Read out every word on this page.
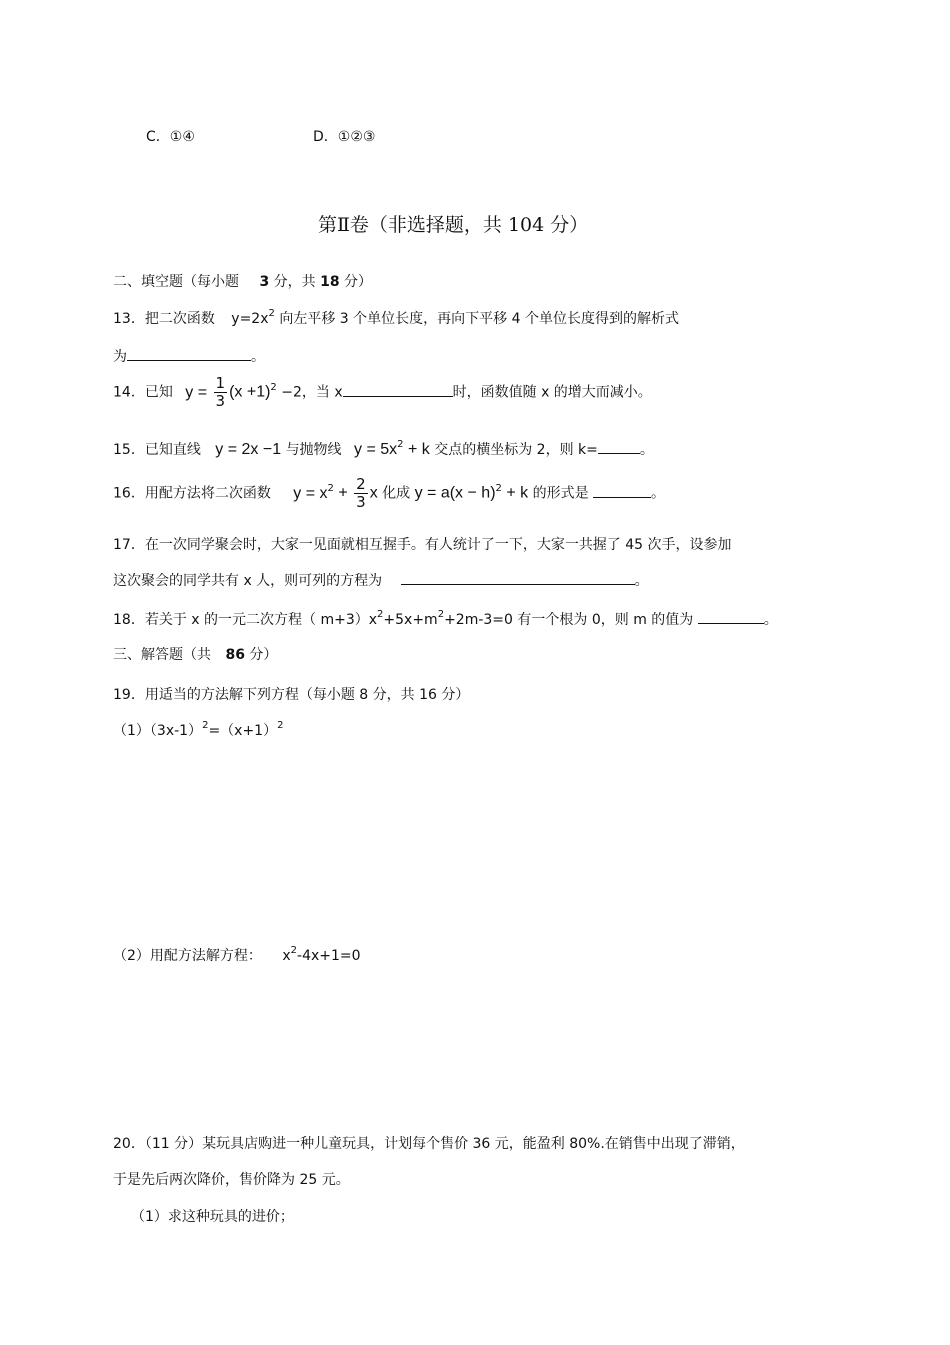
C．①④	D．①②③
第Ⅱ卷（非选择题，共 104 分）
二、填空题（每小题 3 分，共 18 分）
13．把二次函数 $y=2x^2$ 向左平移 3 个单位长度，再向下平移 4 个单位长度得到的解析式
为	。
14．已知 $y = \frac{1}{3} (x +1)^2 -2$，当 x	时，函数值随 x 的增大而减小。
15．已知直线 y = 2x −1 与抛物线 $y = 5x^2 + k$ 交点的横坐标为 2，则 k=	。
16．用配方法将二次函数 $y = x^2 + \frac{2}{3}$ x 化成 $y = a(x - h)^2 + k$ 的形式是	。
17．在一次同学聚会时，大家一见面就相互握手。有人统计了一下，大家一共握了 45 次手，设参加
这次聚会的同学共有 x 人，则可列的方程为	。
18．若关于 x 的一元二次方程（ $m+3)x^2+5x+m^2+2m-3=0$ 有一个根为 0，则 m 的值为	。
三、解答题（共 86 分）
19．用适当的方法解下列方程（每小题 8 分，共 16 分）
$(1)(3x-1)^2=(x+1)^2$
（2）用配方法解方程： $x^2-4x+1=0$
20．（11 分）某玩具店购进一种儿童玩具，计划每个售价 36 元，能盈利 80%.在销售中出现了滞销，
于是先后两次降价，售价降为 25 元。
（1）求这种玩具的进价；
